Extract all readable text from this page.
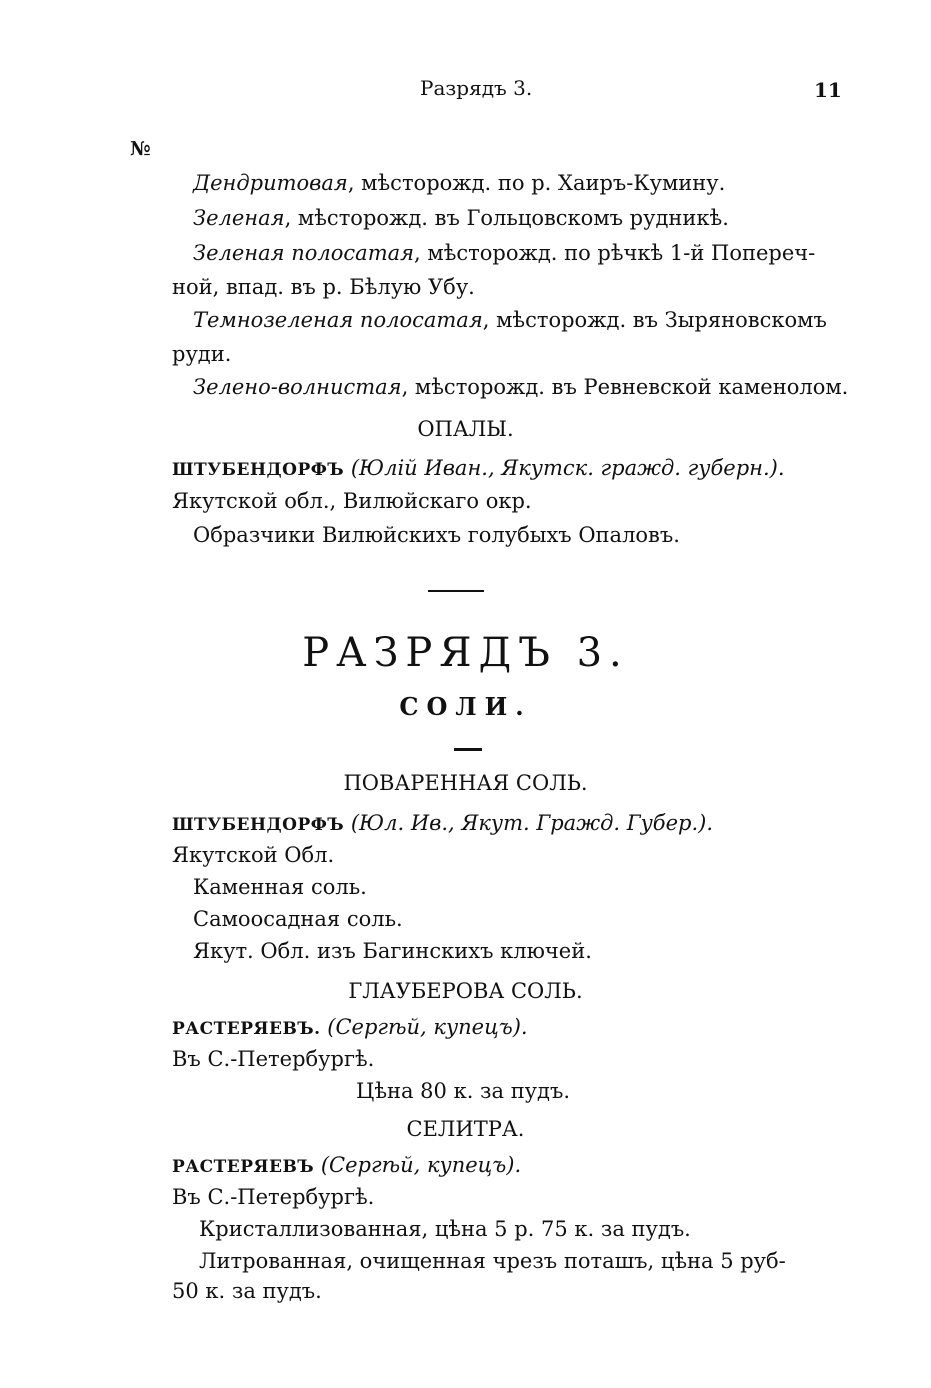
Разрядъ 3.	11
№
Дендритовая, мѣсторожд. по р. Хаиръ-Кумину.
Зеленая, мѣсторожд. въ Гольцовскомъ рудникѣ.
Зеленая полосатая, мѣсторожд. по рѣчкѣ 1-й Попереч-
ной, впад. въ р. Бѣлую Убу.
Темнозеленая полосатая, мѣсторожд. въ Зыряновскомъ
руди.
Зелено-волнистая, мѣсторожд. въ Ревневской каменолом.
ОПАЛЫ.
ШТУБЕНДОРФЪ (Юлій Иван., Якутск. гражд. губерн.).
Якутской обл., Вилюйскаго окр.
Образчики Вилюйскихъ голубыхъ Опаловъ.
РАЗРЯДЪ 3.
СОЛИ.
ПОВАРЕННАЯ СОЛЬ.
ШТУБЕНДОРФЪ (Юл. Ив., Якут. Гражд. Губер.).
Якутской Обл.
Каменная соль.
Самоосадная соль.
Якут. Обл. изъ Багинскихъ ключей.
ГЛАУБЕРОВА СОЛЬ.
РАСТЕРЯЕВЪ. (Сергѣй, купецъ).
Въ С.-Петербургѣ.
Цѣна 80 к. за пудъ.
СЕЛИТРА.
РАСТЕРЯЕВЪ (Сергѣй, купецъ).
Въ С.-Петербургѣ.
Кристаллизованная, цѣна 5 р. 75 к. за пудъ.
Литрованная, очищенная чрезъ поташъ, цѣна 5 руб-
50 к. за пудъ.
